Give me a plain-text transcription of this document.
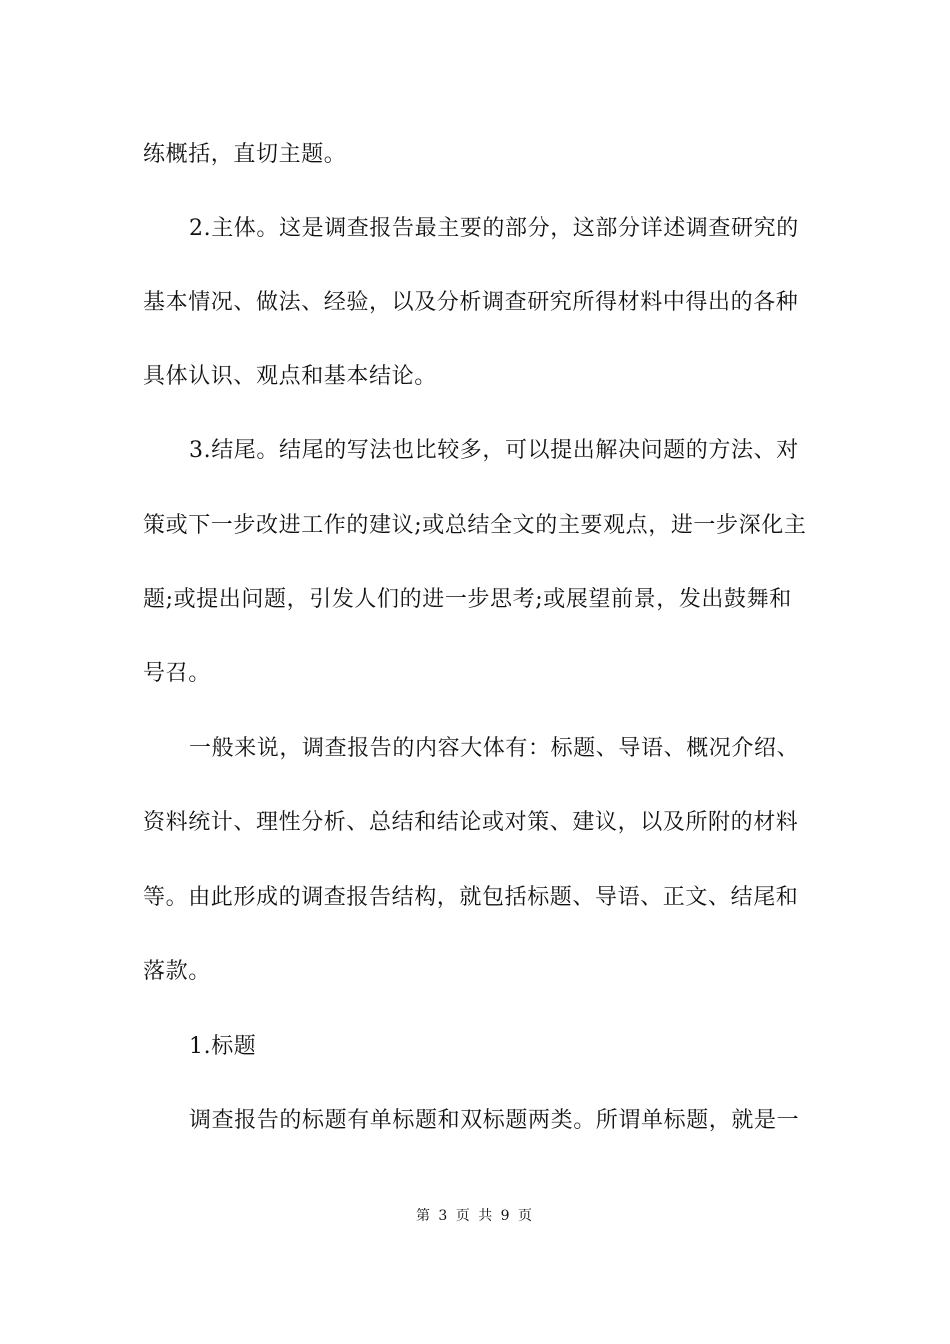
练概括，直切主题。
2.主体。这是调查报告最主要的部分，这部分详述调查研究的
基本情况、做法、经验，以及分析调查研究所得材料中得出的各种
具体认识、观点和基本结论。
3.结尾。结尾的写法也比较多，可以提出解决问题的方法、对
策或下一步改进工作的建议;或总结全文的主要观点，进一步深化主
题;或提出问题，引发人们的进一步思考;或展望前景，发出鼓舞和
号召。
一般来说，调查报告的内容大体有：标题、导语、概况介绍、
资料统计、理性分析、总结和结论或对策、建议，以及所附的材料
等。由此形成的调查报告结构，就包括标题、导语、正文、结尾和
落款。
1.标题
调查报告的标题有单标题和双标题两类。所谓单标题，就是一
第 3 页 共 9 页
